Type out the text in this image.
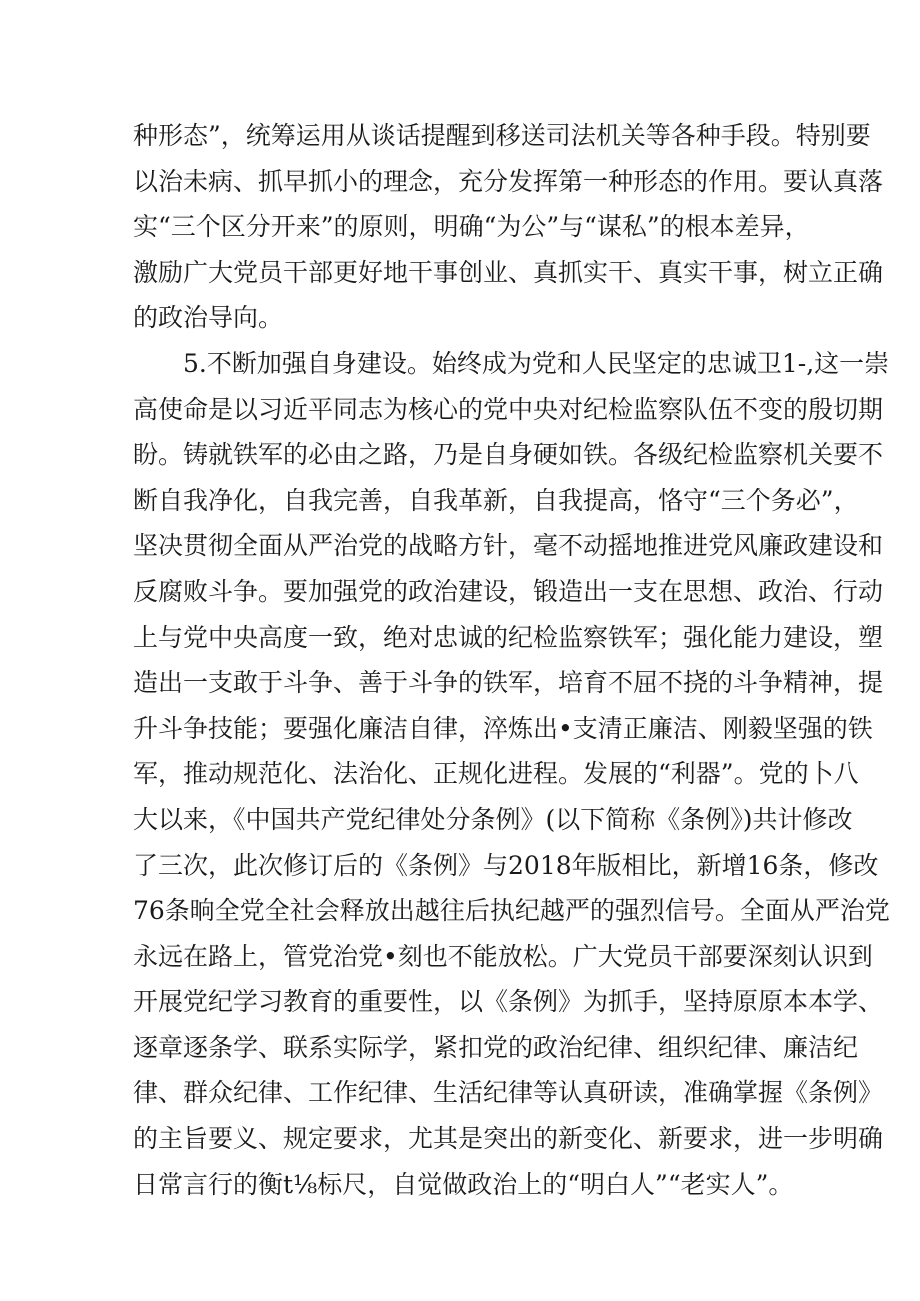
种形态”，统筹运用从谈话提醒到移送司法机关等各种手段。特别要
以治未病、抓早抓小的理念，充分发挥第一种形态的作用。要认真落
实“三个区分开来”的原则，明确“为公”与“谋私”的根本差异，
激励广大党员干部更好地干事创业、真抓实干、真实干事，树立正确
的政治导向。
5.不断加强自身建设。始终成为党和人民坚定的忠诚卫1-,这一崇
高使命是以习近平同志为核心的党中央对纪检监察队伍不变的殷切期
盼。铸就铁军的必由之路，乃是自身硬如铁。各级纪检监察机关要不
断自我净化，自我完善，自我革新，自我提高，恪守“三个务必”，
坚决贯彻全面从严治党的战略方针，毫不动摇地推进党风廉政建设和
反腐败斗争。要加强党的政治建设，锻造出一支在思想、政治、行动
上与党中央高度一致，绝对忠诚的纪检监察铁军；强化能力建设，塑
造出一支敢于斗争、善于斗争的铁军，培育不屈不挠的斗争精神，提
升斗争技能；要强化廉洁自律，淬炼出•支清正廉洁、刚毅坚强的铁
军，推动规范化、法治化、正规化进程。发展的“利器”。党的卜八
大以来，《中国共产党纪律处分条例》(以下简称《条例》)共计修改
了三次，此次修订后的《条例》与2018年版相比，新增16条，修改
76条晌全党全社会释放出越往后执纪越严的强烈信号。全面从严治党
永远在路上，管党治党•刻也不能放松。广大党员干部要深刻认识到
开展党纪学习教育的重要性，以《条例》为抓手，坚持原原本本学、
逐章逐条学、联系实际学，紧扣党的政治纪律、组织纪律、廉洁纪
律、群众纪律、工作纪律、生活纪律等认真研读，准确掌握《条例》
的主旨要义、规定要求，尤其是突出的新变化、新要求，进一步明确
日常言行的衡t⅛标尺，自觉做政治上的“明白人”“老实人”。
